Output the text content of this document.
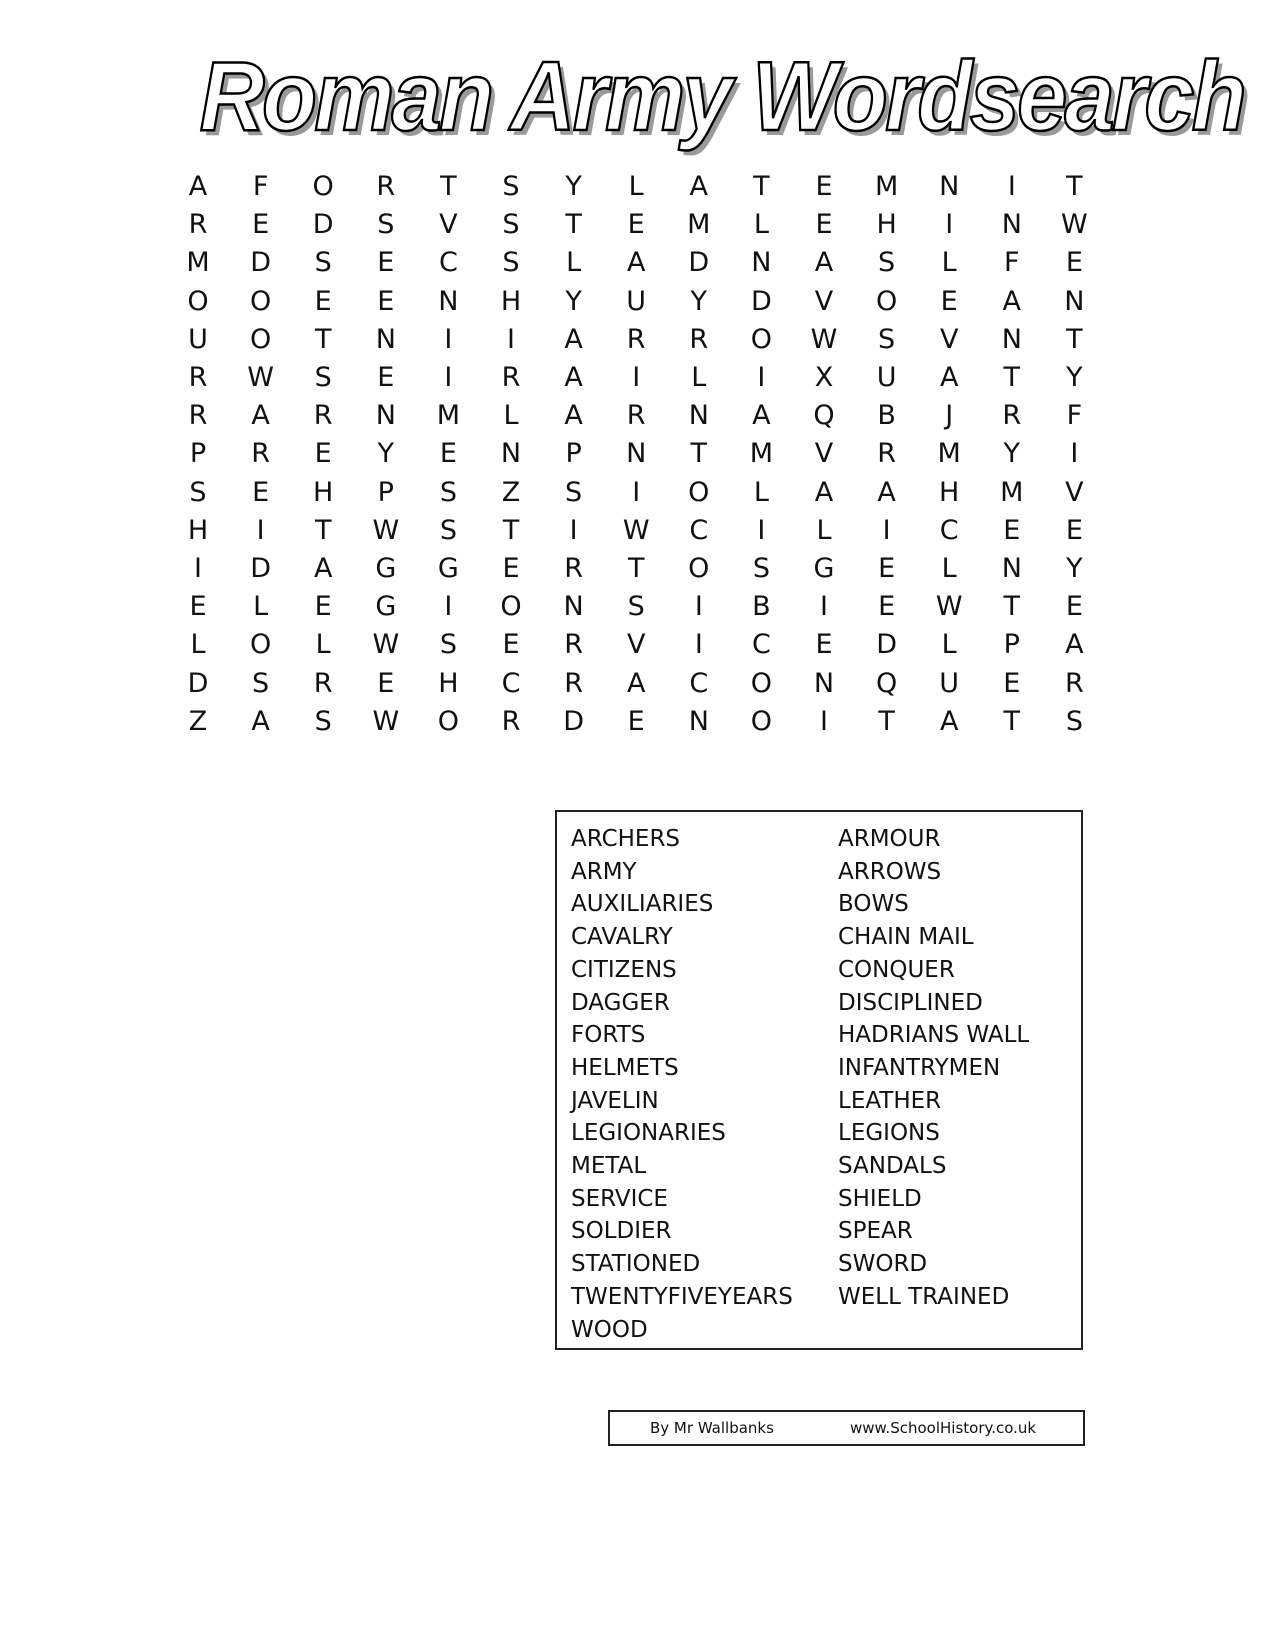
Roman Army Wordsearch
A	F	O	R	T	S	Y	L	A	T	E	M	N	I	T
R	E	D	S	V	S	T	E	M	L	E	H	I	N	W
M	D	S	E	C	S	L	A	D	N	A	S	L	F	E
O	O	E	E	N	H	Y	U	Y	D	V	O	E	A	N
U	O	T	N	I	I	A	R	R	O	W	S	V	N	T
R	W	S	E	I	R	A	I	L	I	X	U	A	T	Y
R	A	R	N	M	L	A	R	N	A	Q	B	J	R	F
P	R	E	Y	E	N	P	N	T	M	V	R	M	Y	I
S	E	H	P	S	Z	S	I	O	L	A	A	H	M	V
H	I	T	W	S	T	I	W	C	I	L	I	C	E	E
I	D	A	G	G	E	R	T	O	S	G	E	L	N	Y
E	L	E	G	I	O	N	S	I	B	I	E	W	T	E
L	O	L	W	S	E	R	V	I	C	E	D	L	P	A
D	S	R	E	H	C	R	A	C	O	N	Q	U	E	R
Z	A	S	W	O	R	D	E	N	O	I	T	A	T	S
ARCHERS
ARMY
AUXILIARIES
CAVALRY
CITIZENS
DAGGER
FORTS
HELMETS
JAVELIN
LEGIONARIES
METAL
SERVICE
SOLDIER
STATIONED
TWENTYFIVEYEARS
WOOD
ARMOUR
ARROWS
BOWS
CHAIN MAIL
CONQUER
DISCIPLINED
HADRIANS WALL
INFANTRYMEN
LEATHER
LEGIONS
SANDALS
SHIELD
SPEAR
SWORD
WELL TRAINED
By Mr Wallbanks	www.SchoolHistory.co.uk
